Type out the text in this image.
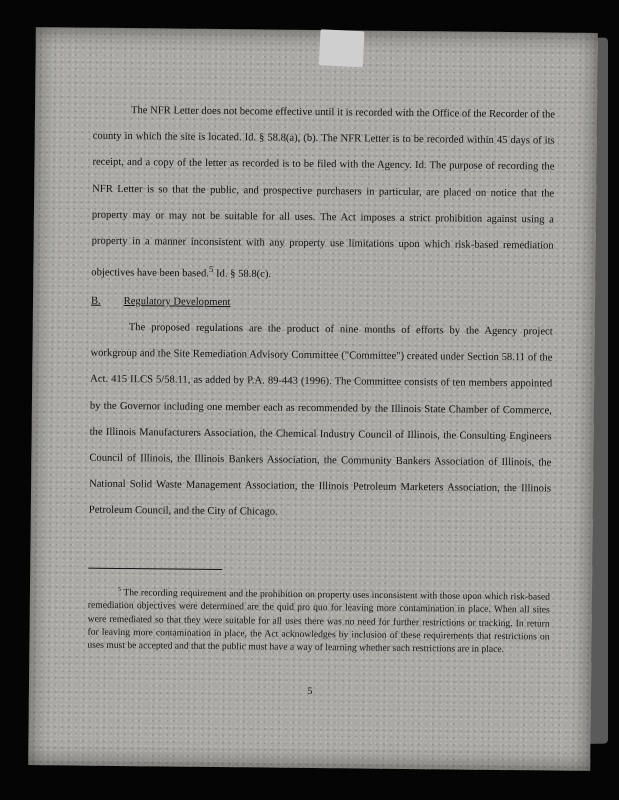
The NFR Letter does not become effective until it is recorded with the Office of the Recorder of the county in which the site is located. Id. § 58.8(a), (b). The NFR Letter is to be recorded within 45 days of its receipt, and a copy of the letter as recorded is to be filed with the Agency. Id. The purpose of recording the NFR Letter is so that the public, and prospective purchasers in particular, are placed on notice that the property may or may not be suitable for all uses. The Act imposes a strict prohibition against using a property in a manner inconsistent with any property use limitations upon which risk-based remediation objectives have been based.$^5$ Id. § 58.8(c).

B. Regulatory Development

The proposed regulations are the product of nine months of efforts by the Agency project workgroup and the Site Remediation Advisory Committee ("Committee") created under Section 58.11 of the Act. 415 ILCS 5/58.11, as added by P.A. 89-443 (1996). The Committee consists of ten members appointed by the Governor including one member each as recommended by the Illinois State Chamber of Commerce, the Illinois Manufacturers Association, the Chemical Industry Council of Illinois, the Consulting Engineers Council of Illinois, the Illinois Bankers Association, the Community Bankers Association of Illinois, the National Solid Waste Management Association, the Illinois Petroleum Marketers Association, the Illinois Petroleum Council, and the City of Chicago.

$^5$ The recording requirement and the prohibition on property uses inconsistent with those upon which risk-based remediation objectives were determined are the quid pro quo for leaving more contamination in place. When all sites were remediated so that they were suitable for all uses there was no need for further restrictions or tracking. In return for leaving more contamination in place, the Act acknowledges by inclusion of these requirements that restrictions on uses must be accepted and that the public must have a way of learning whether such restrictions are in place.

5
